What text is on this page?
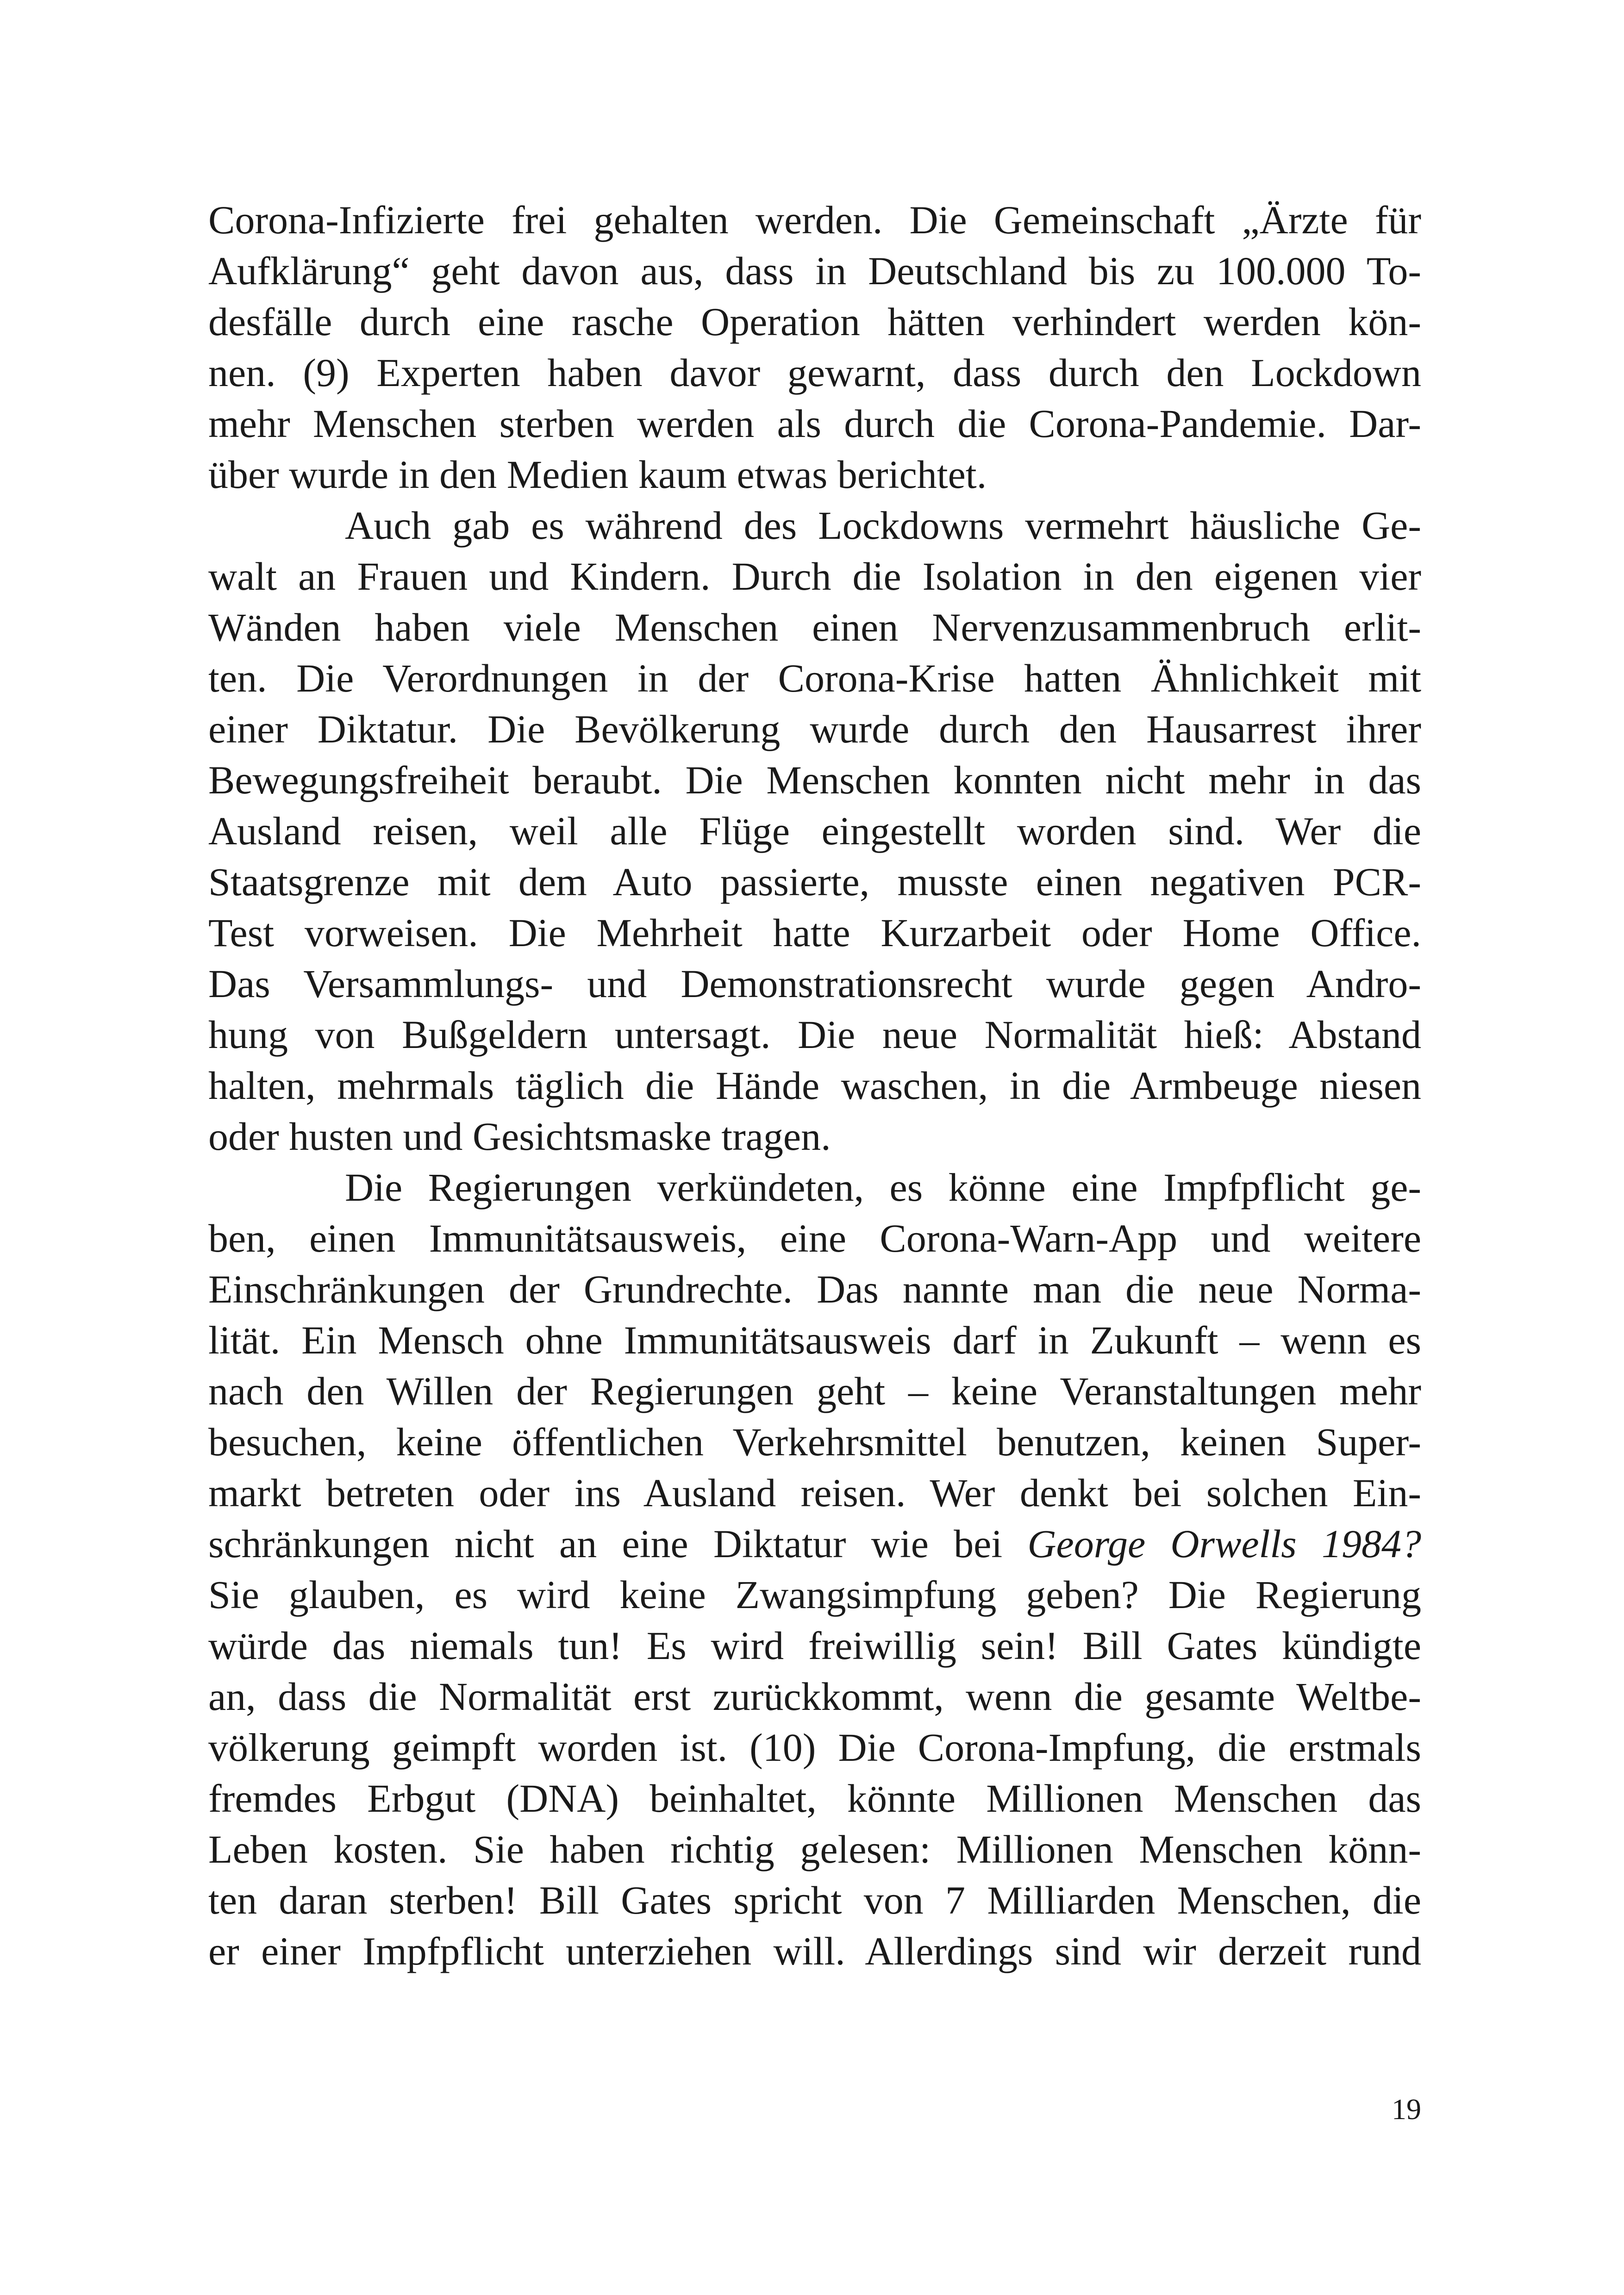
Corona-Infizierte frei gehalten werden. Die Gemeinschaft „Ärzte für
Aufklärung“ geht davon aus, dass in Deutschland bis zu 100.000 To-
desfälle durch eine rasche Operation hätten verhindert werden kön-
nen. (9) Experten haben davor gewarnt, dass durch den Lockdown
mehr Menschen sterben werden als durch die Corona-Pandemie. Dar-
über wurde in den Medien kaum etwas berichtet.
Auch gab es während des Lockdowns vermehrt häusliche Ge-
walt an Frauen und Kindern. Durch die Isolation in den eigenen vier
Wänden haben viele Menschen einen Nervenzusammenbruch erlit-
ten. Die Verordnungen in der Corona-Krise hatten Ähnlichkeit mit
einer Diktatur. Die Bevölkerung wurde durch den Hausarrest ihrer
Bewegungsfreiheit beraubt. Die Menschen konnten nicht mehr in das
Ausland reisen, weil alle Flüge eingestellt worden sind. Wer die
Staatsgrenze mit dem Auto passierte, musste einen negativen PCR-
Test vorweisen. Die Mehrheit hatte Kurzarbeit oder Home Office.
Das Versammlungs- und Demonstrationsrecht wurde gegen Andro-
hung von Bußgeldern untersagt. Die neue Normalität hieß: Abstand
halten, mehrmals täglich die Hände waschen, in die Armbeuge niesen
oder husten und Gesichtsmaske tragen.
Die Regierungen verkündeten, es könne eine Impfpflicht ge-
ben, einen Immunitätsausweis, eine Corona-Warn-App und weitere
Einschränkungen der Grundrechte. Das nannte man die neue Norma-
lität. Ein Mensch ohne Immunitätsausweis darf in Zukunft – wenn es
nach den Willen der Regierungen geht – keine Veranstaltungen mehr
besuchen, keine öffentlichen Verkehrsmittel benutzen, keinen Super-
markt betreten oder ins Ausland reisen. Wer denkt bei solchen Ein-
schränkungen nicht an eine Diktatur wie bei George Orwells 1984?
Sie glauben, es wird keine Zwangsimpfung geben? Die Regierung
würde das niemals tun! Es wird freiwillig sein! Bill Gates kündigte
an, dass die Normalität erst zurückkommt, wenn die gesamte Weltbe-
völkerung geimpft worden ist. (10) Die Corona-Impfung, die erstmals
fremdes Erbgut (DNA) beinhaltet, könnte Millionen Menschen das
Leben kosten. Sie haben richtig gelesen: Millionen Menschen könn-
ten daran sterben! Bill Gates spricht von 7 Milliarden Menschen, die
er einer Impfpflicht unterziehen will. Allerdings sind wir derzeit rund
19
